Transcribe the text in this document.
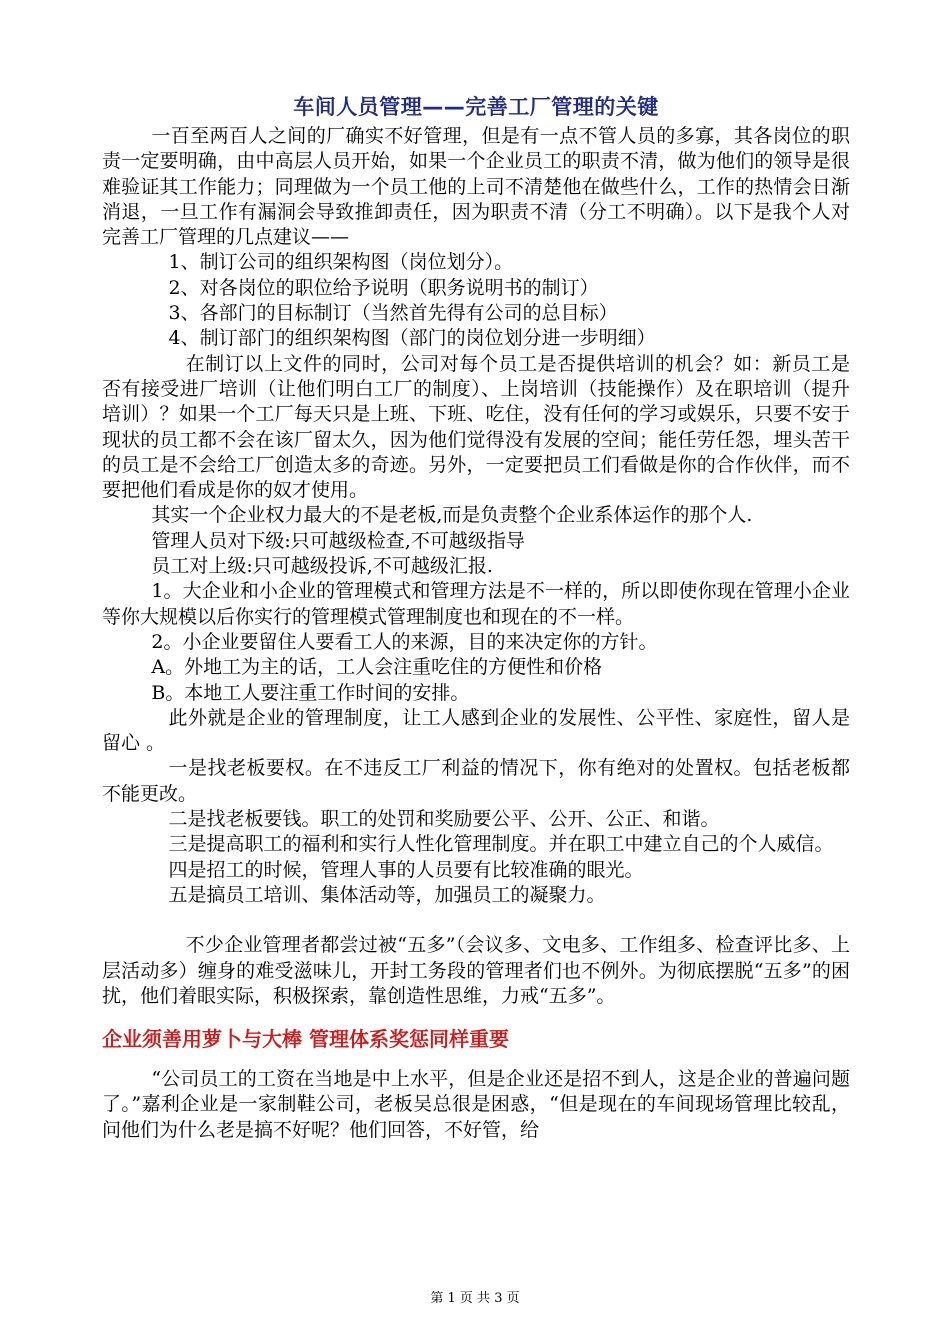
车间人员管理——完善工厂管理的关键

一百至两百人之间的厂确实不好管理，但是有一点不管人员的多寡，其各岗位的职责一定要明确，由中高层人员开始，如果一个企业员工的职责不清，做为他们的领导是很难验证其工作能力；同理做为一个员工他的上司不清楚他在做些什么，工作的热情会日渐消退，一旦工作有漏洞会导致推卸责任，因为职责不清（分工不明确）。以下是我个人对完善工厂管理的几点建议——

1、制订公司的组织架构图（岗位划分）。

2、对各岗位的职位给予说明（职务说明书的制订）

3、各部门的目标制订（当然首先得有公司的总目标）

4、制订部门的组织架构图（部门的岗位划分进一步明细）

在制订以上文件的同时，公司对每个员工是否提供培训的机会？如：新员工是否有接受进厂培训（让他们明白工厂的制度）、上岗培训（技能操作）及在职培训（提升培训）？如果一个工厂每天只是上班、下班、吃住，没有任何的学习或娱乐，只要不安于现状的员工都不会在该厂留太久，因为他们觉得没有发展的空间；能任劳任怨，埋头苦干的员工是不会给工厂创造太多的奇迹。另外，一定要把员工们看做是你的合作伙伴，而不要把他们看成是你的奴才使用。

其实一个企业权力最大的不是老板,而是负责整个企业系体运作的那个人.

管理人员对下级:只可越级检查,不可越级指导

员工对上级:只可越级投诉,不可越级汇报.

1。大企业和小企业的管理模式和管理方法是不一样的，所以即使你现在管理小企业等你大规模以后你实行的管理模式管理制度也和现在的不一样。

2。小企业要留住人要看工人的来源，目的来决定你的方针。

A。外地工为主的话，工人会注重吃住的方便性和价格

B。本地工人要注重工作时间的安排。

此外就是企业的管理制度，让工人感到企业的发展性、公平性、家庭性，留人是留心 。

一是找老板要权。在不违反工厂利益的情况下，你有绝对的处置权。包括老板都不能更改。

二是找老板要钱。职工的处罚和奖励要公平、公开、公正、和谐。

三是提高职工的福利和实行人性化管理制度。并在职工中建立自己的个人威信。

四是招工的时候，管理人事的人员要有比较准确的眼光。

五是搞员工培训、集体活动等，加强员工的凝聚力。

不少企业管理者都尝过被“五多”（会议多、文电多、工作组多、检查评比多、上层活动多）缠身的难受滋味儿，开封工务段的管理者们也不例外。为彻底摆脱“五多”的困扰，他们着眼实际，积极探索，靠创造性思维，力戒“五多”。

企业须善用萝卜与大棒 管理体系奖惩同样重要

“公司员工的工资在当地是中上水平，但是企业还是招不到人，这是企业的普遍问题了。”嘉利企业是一家制鞋公司，老板吴总很是困惑，“但是现在的车间现场管理比较乱，问他们为什么老是搞不好呢？他们回答，不好管，给

第 1 页 共 3 页
